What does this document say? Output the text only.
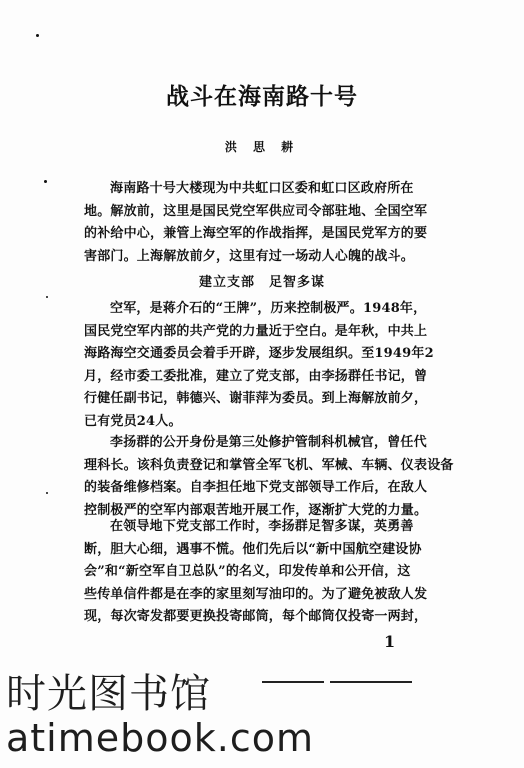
战斗在海南路十号
洪 思 耕
海南路十号大楼现为中共虹口区委和虹口区政府所在
地。解放前，这里是国民党空军供应司令部驻地、全国空军
的补给中心，兼管上海空军的作战指挥，是国民党军方的要
害部门。上海解放前夕，这里有过一场动人心魄的战斗。
建立支部　足智多谋
空军，是蒋介石的“王牌”，历来控制极严。1948年，
国民党空军内部的共产党的力量近于空白。是年秋，中共上
海路海空交通委员会着手开辟，逐步发展组织。至1949年2
月，经市委工委批准，建立了党支部，由李扬群任书记，曾
行健任副书记，韩德兴、谢菲萍为委员。到上海解放前夕，
已有党员24人。
李扬群的公开身份是第三处修护管制科机械官，曾任代
理科长。该科负责登记和掌管全军飞机、军械、车辆、仪表设备
的装备维修档案。自李担任地下党支部领导工作后，在敌人
控制极严的空军内部艰苦地开展工作，逐渐扩大党的力量。
在领导地下党支部工作时，李扬群足智多谋，英勇善
断，胆大心细，遇事不慌。他们先后以“新中国航空建设协
会”和“新空军自卫总队”的名义，印发传单和公开信，这
些传单信件都是在李的家里刻写油印的。为了避免被敌人发
现，每次寄发都要更换投寄邮筒，每个邮筒仅投寄一两封，
1
时光图书馆
atimebook.com
